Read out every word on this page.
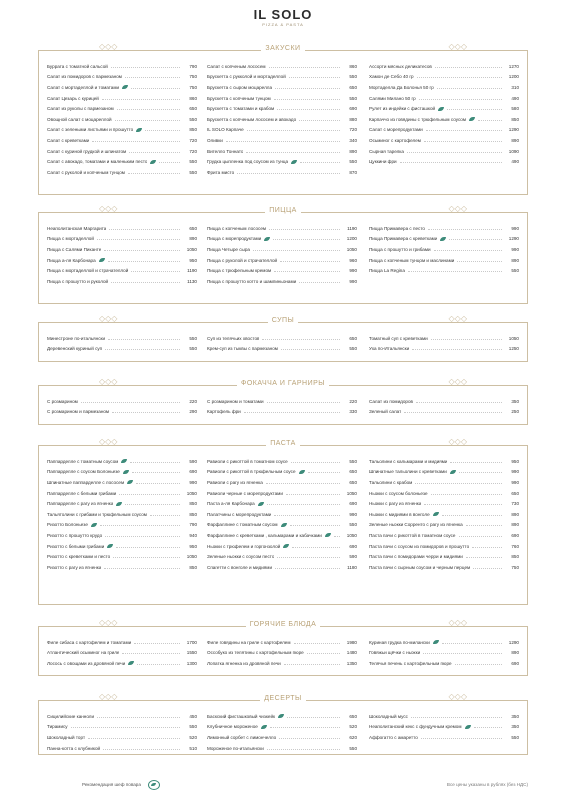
IL SOLO
PIZZA & PASTA
◇◇◇	◇◇◇
ЗАКУСКИ
Буррата с томатной сальсой	790
Салат из помидоров с пармезаном	750
Салат с мортаделлой и томатами	750
Салат Цезарь с курицей	860
Салат из руколы с пармезаном	650
Овощной салат с моцареллой	550
Салат с зелеными листьями и прошутто	850
Салат с креветками	720
Салат с куриной грудкой и шпинатом	720
Салат с авокадо, томатами и маленьким песто	550
Салат с руколой и копченым тунцом	550
Салат с копченым лососем	860
Брускетта с рукколой и мортаделлой	550
Брускетта с сыром моцарелла	650
Брускетта с копченым тунцом	550
Брускетта с томатами и крабом	690
Брускетта с копченым лососем и авокадо	880
IL SOLO Карпаче	720
Оливки	340
Вителло Тоннато	890
Грудка цыпленка под соусом из тунца	550
Фрита мисто	870
Ассорти мясных деликатесов	1270
Хамон де Себо 40 гр	1200
Мортаделла Да Болонья 50 гр	310
Салями Милано 50 гр	490
Рулет из индейки с фисташкой	580
Карпаччо из говядины с трюфельным соусом	850
Салат с морепродуктами	1290
Осьминог с картофелем	890
Сырная тарелка	1090
Цуккини фри	490
◇◇◇	◇◇◇
ПИЦЦА
Неаполитанская Маргарита	650
Пицца с мортаделлой	890
Пицца с Салями Пиканте	1050
Пицца а-ля Карбонара	950
Пицца с мортаделлой и страчателлой	1190
Пицца с прошутто и руколой	1130
Пицца с копченым лососем	1190
Пицца с морепродуктами	1200
Пицца Четыре сыра	1050
Пицца с руколой и страчателлой	960
Пицца с трюфельным кремом	990
Пицца с прошутто котто и шампиньонами	990
Пицца Примавера с песто	990
Пицца Примавера с креветками	1290
Пицца с прошутто и грибами	990
Пицца с копченым тунцом и маслинами	890
Пицца La Regina	550
◇◇◇	◇◇◇
СУПЫ
Минестроне по-итальянски	550
Деревенский куриный суп	550
Суп из телячьих хвостов	650
Крем-суп из тыквы с пармезаном	550
Томатный суп с креветками	1050
Уха по-Итальянски	1250
◇◇◇	◇◇◇
ФОКАЧЧА И ГАРНИРЫ
С розмарином	220
С розмарином и пармезаном	290
С розмарином и томатами	220
Картофель фри	330
Салат из помидоров	350
Зеленый салат	250
◇◇◇	◇◇◇
ПАСТА
Паппарделле с томатным соусом	590
Паппарделле с соусом Болоньезе	690
Шпинатные паппарделле с лососем	990
Паппарделле с белыми грибами	1050
Паппарделле с рагу из ягненка	850
Тальятолини с грибами и трюфельным соусом	850
Ризотто Болоньезе	790
Ризотто с прошутто крудо	940
Ризотто с белыми грибами	950
Ризотто с креветками и песто	1050
Ризотто с рагу из ягненка	850
Равиоли с рикоттой в томатном соусе	550
Равиоли с рикоттой в трюфельным соусе	650
Равиоли с рагу из ягненка	650
Равиоли черные с морепродуктами	1050
Паста а-ля Карбонара	690
Палатчины с морепродуктами	990
Фарфаллине с томатным соусом	550
Фарфаллине с креветками , кальмарами и кабачками	1050
Ньокки с трюфелем и горгонзолой	690
Зеленые ньокки с соусом песто	590
Спагетти с вонголе и мидиями	1180
Тальолини с кальмарами и мидиями	950
Шпинатные тальолини с креветками	990
Тальолини с крабом	990
Ньокки с соусом болоньезе	650
Ньокки с рагу из ягненка	730
Ньокки с мидиями в вонголе	890
Зеленые ньокки Сорренто с рагу из ягненка	890
Паста пачи с рикоттой в томатном соусе	690
Паста пачи с соусом из помидоров и прошутто	760
Паста пачи с помидорами черри и мидиями	850
Паста пачи с сырным соусом и черным перцем	750
◇◇◇	◇◇◇
ГОРЯЧИЕ БЛЮДА
Филе сибаса с картофелем и томатами	1700
Атлантический осьминог на гриле	1550
Лосось с овощами из дровяной печи	1300
Филе говядины на гриле с картофелем	1980
Оссобуко из телятины с картофельным пюре	1480
Лопатка ягненка из дровяной печи	1350
Куриная грудка по-милански	1290
Говяжьи щёчки с ньокки	890
Телячья печень с картофельным пюре	690
◇◇◇	◇◇◇
ДЕСЕРТЫ
Сицилийские канноли	450
Тирамису	550
Шоколадный торт	520
Панна-котта с клубникой	510
Баскский фисташковый чизкейк	650
Клубничное мороженое	520
Лимонный сорбет с лимончелло	620
Мороженое по-итальянски	550
Шоколадный мусс	350
Неаполитанский кекс с фундучным кремом	350
Аффогатто с амаретто	550
Рекомендация шеф повара	Все цены указаны в рублях (без НДС)
